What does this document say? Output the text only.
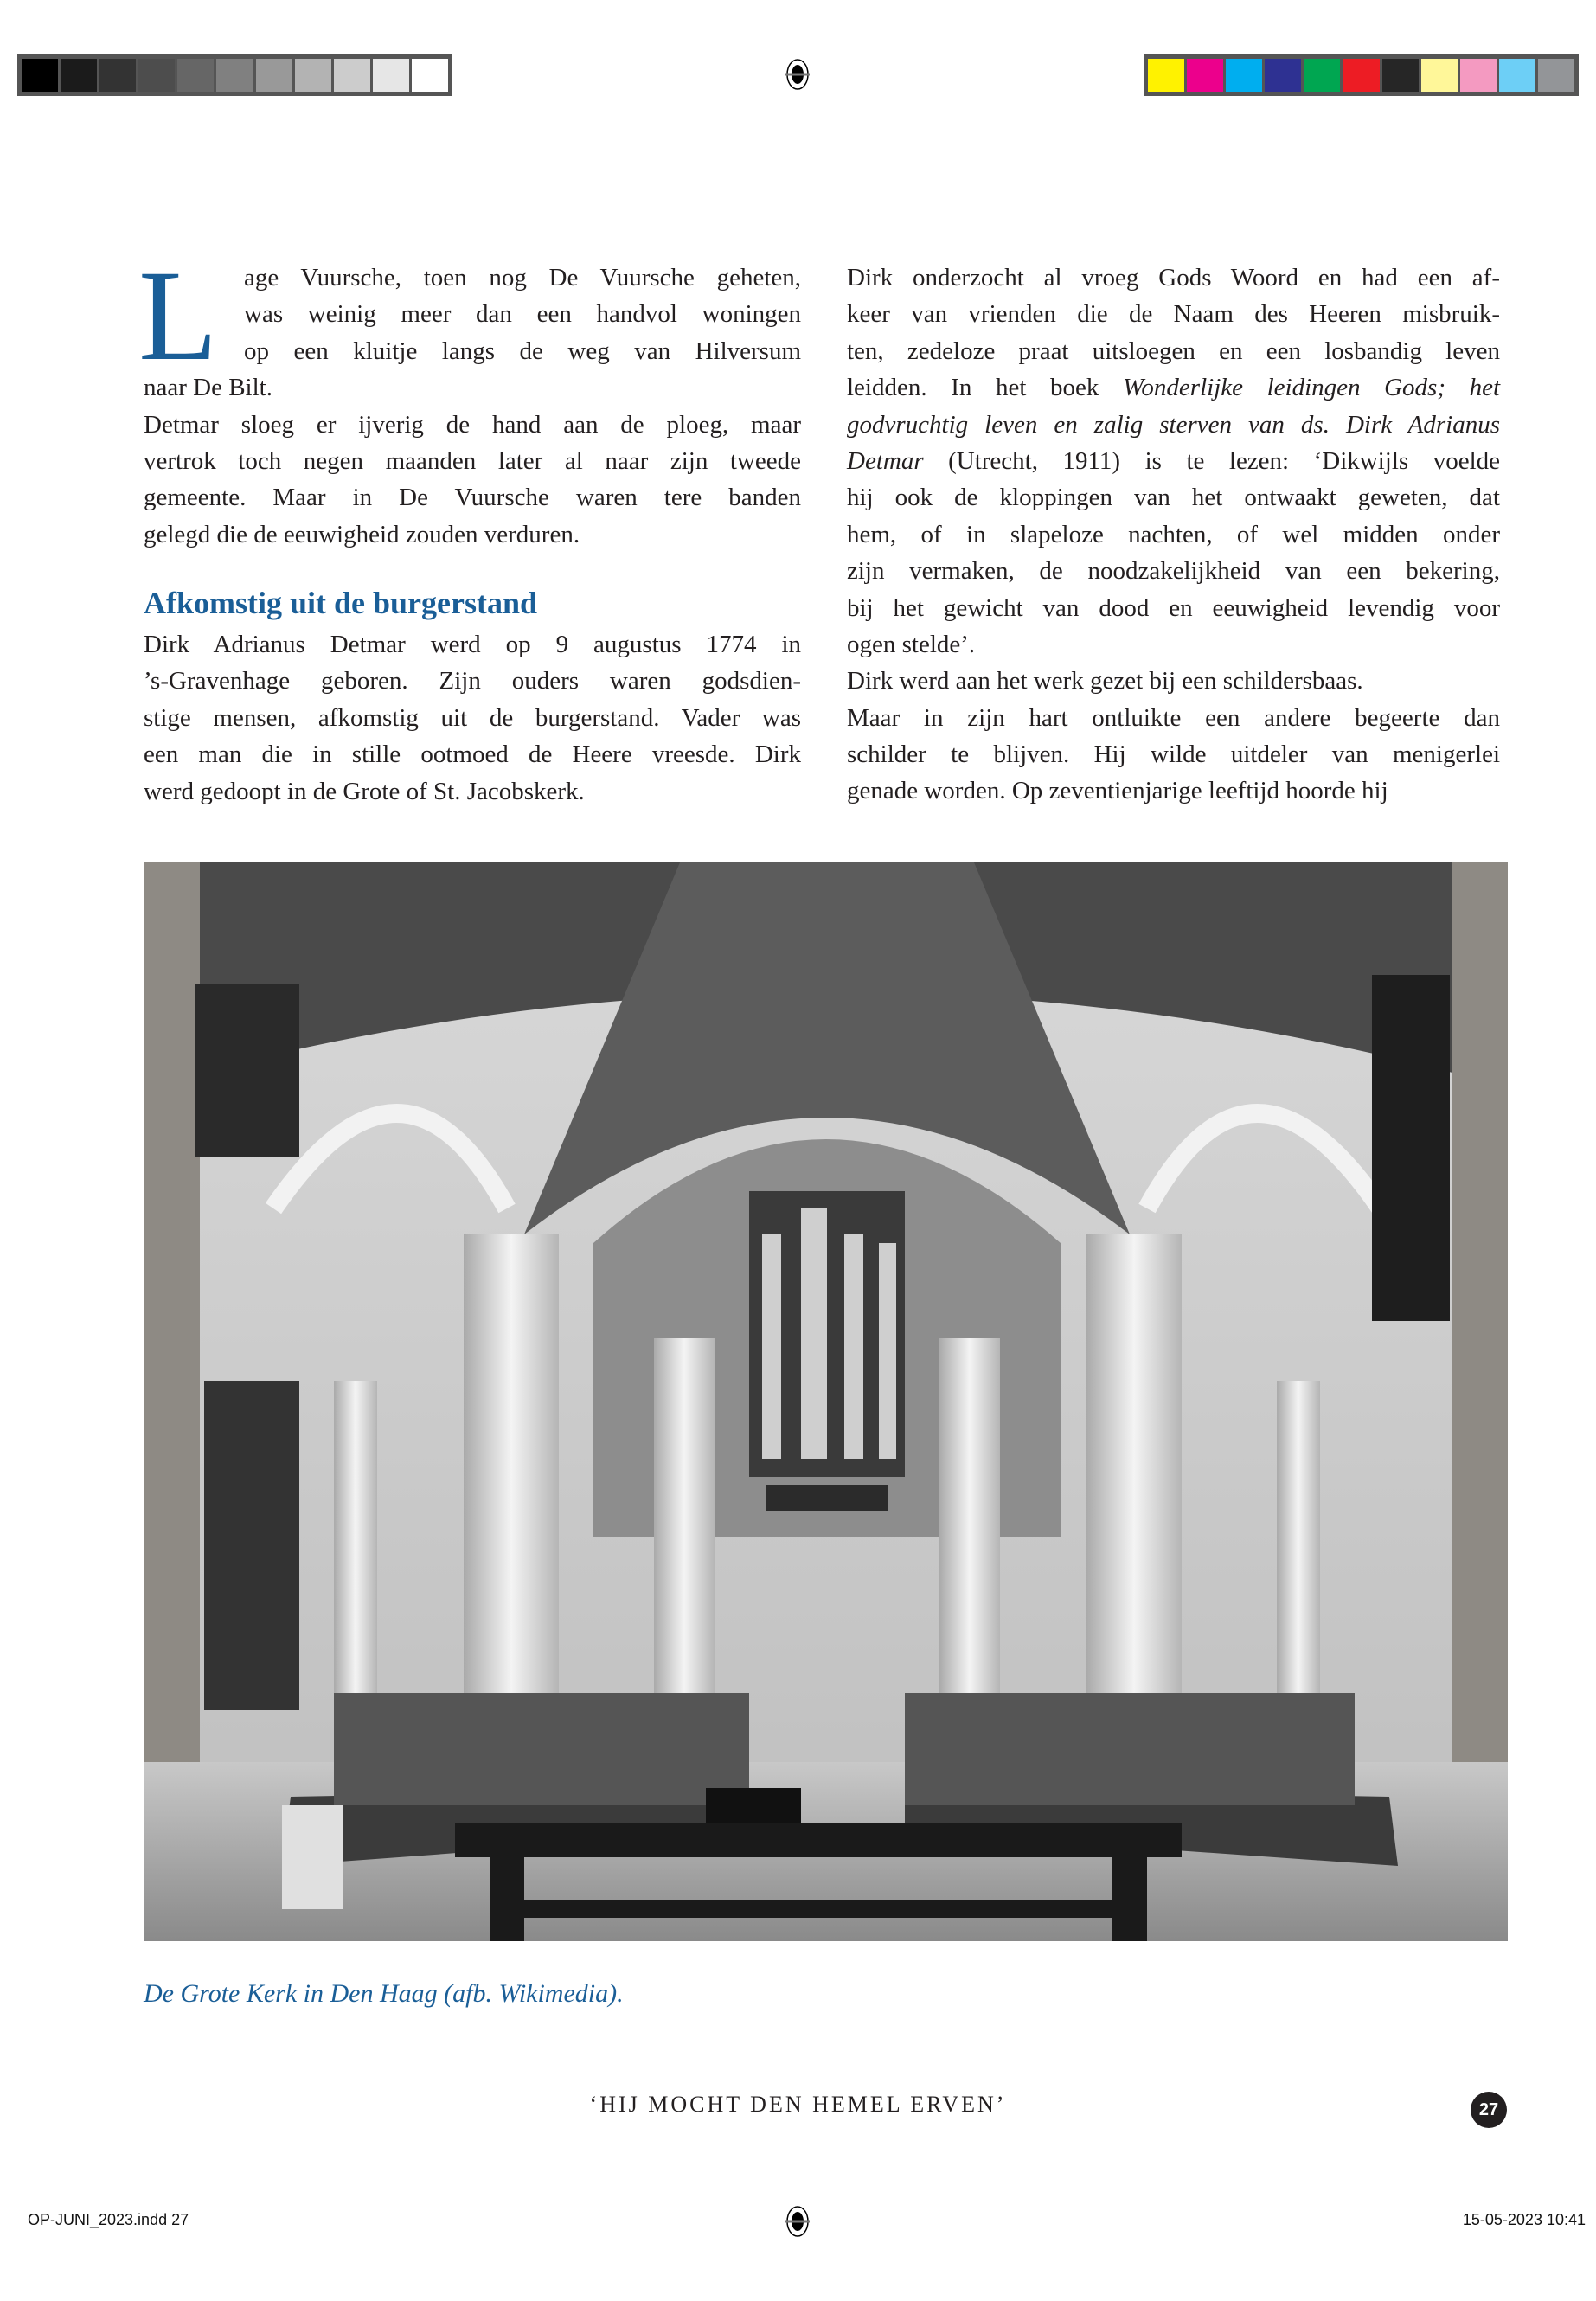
L age Vuursche, toen nog De Vuursche geheten,
was weinig meer dan een handvol woningen
op een kluitje langs de weg van Hilversum
naar De Bilt.
Detmar sloeg er ijverig de hand aan de ploeg, maar
vertrok toch negen maanden later al naar zijn tweede
gemeente. Maar in De Vuursche waren tere banden
gelegd die de eeuwigheid zouden verduren.
Afkomstig uit de burgerstand
Dirk Adrianus Detmar werd op 9 augustus 1774 in
’s-Gravenhage geboren. Zijn ouders waren godsdien-
stige mensen, afkomstig uit de burgerstand. Vader was
een man die in stille ootmoed de Heere vreesde. Dirk
werd gedoopt in de Grote of St. Jacobskerk.
Dirk onderzocht al vroeg Gods Woord en had een af-
keer van vrienden die de Naam des Heeren misbruik-
ten, zedeloze praat uitsloegen en een losbandig leven
leidden. In het boek Wonderlijke leidingen Gods; het
godvruchtig leven en zalig sterven van ds. Dirk Adrianus
Detmar (Utrecht, 1911) is te lezen: ‘Dikwijls voelde
hij ook de kloppingen van het ontwaakt geweten, dat
hem, of in slapeloze nachten, of wel midden onder
zijn vermaken, de noodzakelijkheid van een bekering,
bij het gewicht van dood en eeuwigheid levendig voor
ogen stelde’.
Dirk werd aan het werk gezet bij een schildersbaas.
Maar in zijn hart ontluikte een andere begeerte dan
schilder te blijven. Hij wilde uitdeler van menigerlei
genade worden. Op zeventienjarige leeftijd hoorde hij
De Grote Kerk in Den Haag (afb. Wikimedia).
‘HIJ MOCHT DEN HEMEL ERVEN’	27
OP-JUNI_2023.indd 27	15-05-2023 10:41
